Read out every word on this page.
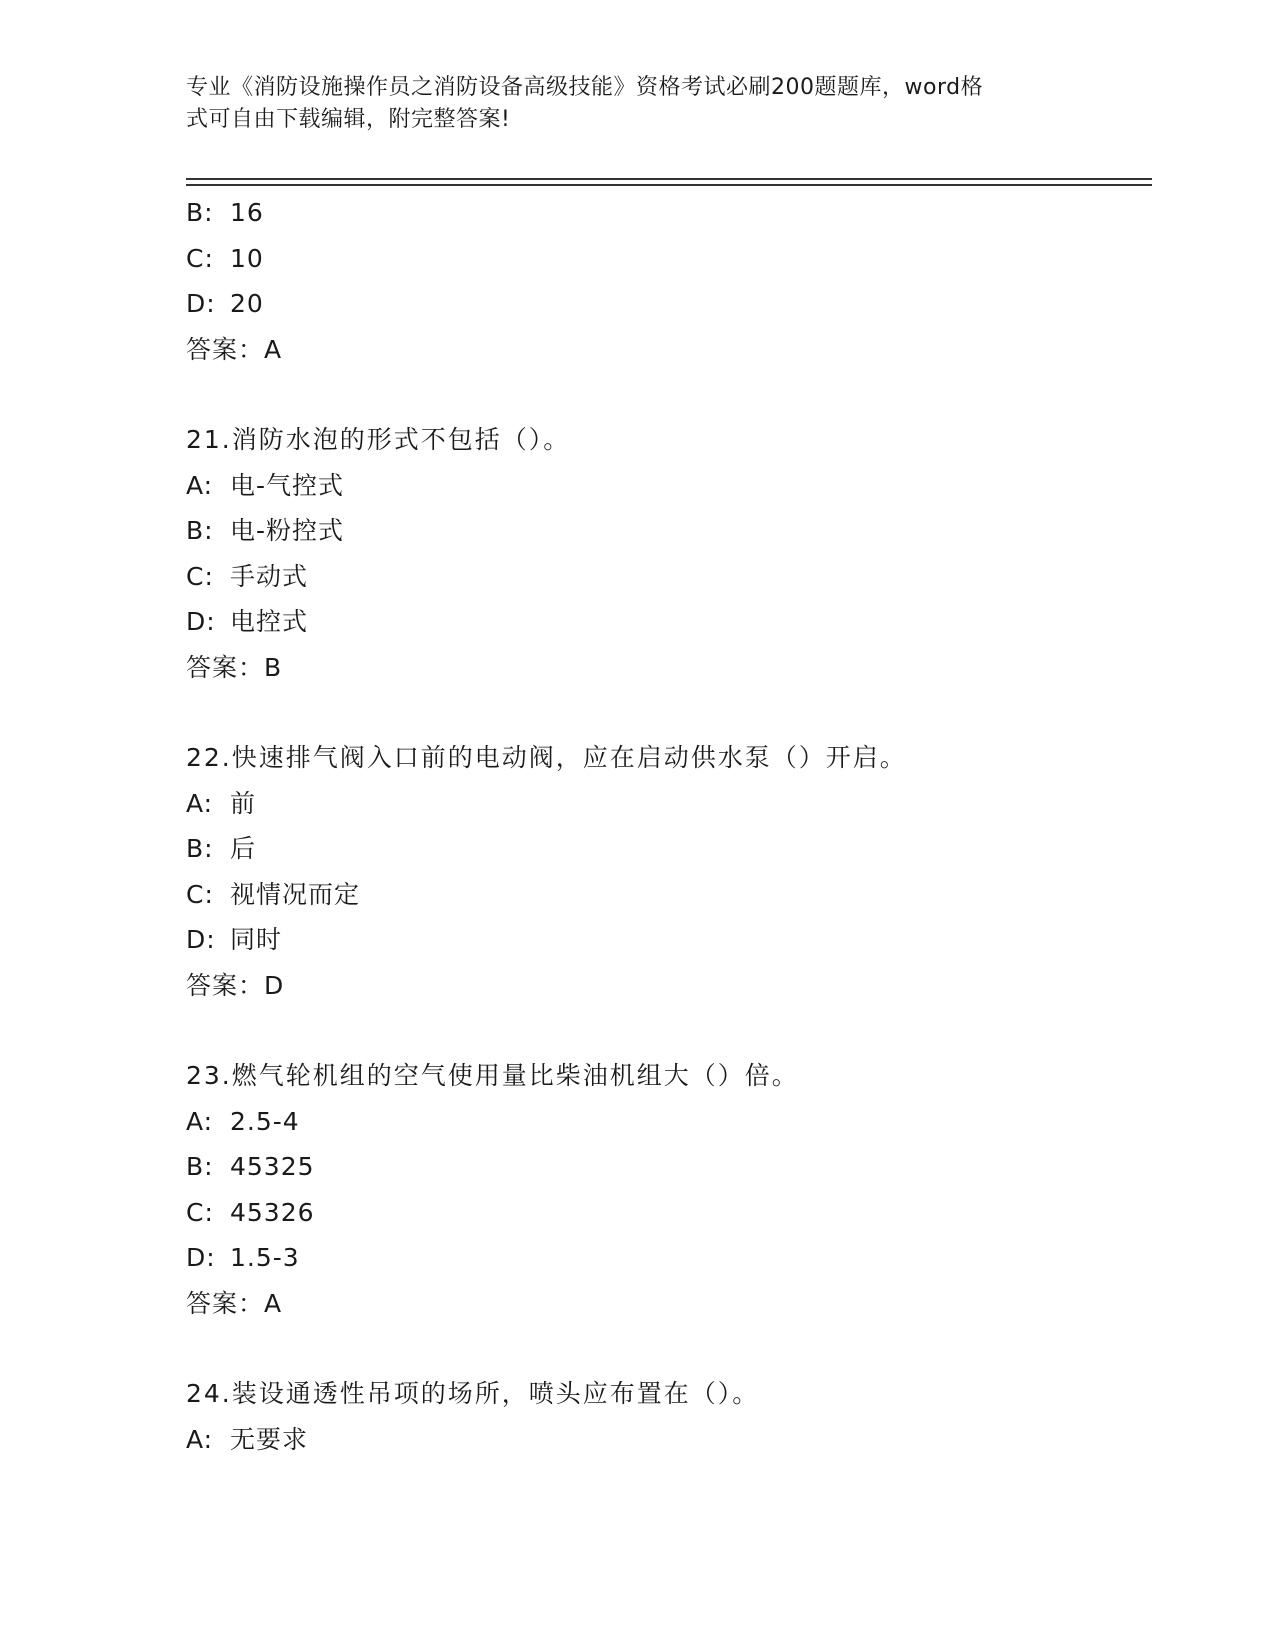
专业《消防设施操作员之消防设备高级技能》资格考试必刷200题题库，word格
式可自由下载编辑，附完整答案!
B: 16
C: 10
D: 20
答案：A
21.消防水泡的形式不包括（）。
A: 电-气控式
B: 电-粉控式
C: 手动式
D: 电控式
答案：B
22.快速排气阀入口前的电动阀，应在启动供水泵（）开启。
A: 前
B: 后
C: 视情况而定
D: 同时
答案：D
23.燃气轮机组的空气使用量比柴油机组大（）倍。
A: 2.5-4
B: 45325
C: 45326
D: 1.5-3
答案：A
24.装设通透性吊项的场所，喷头应布置在（）。
A: 无要求
